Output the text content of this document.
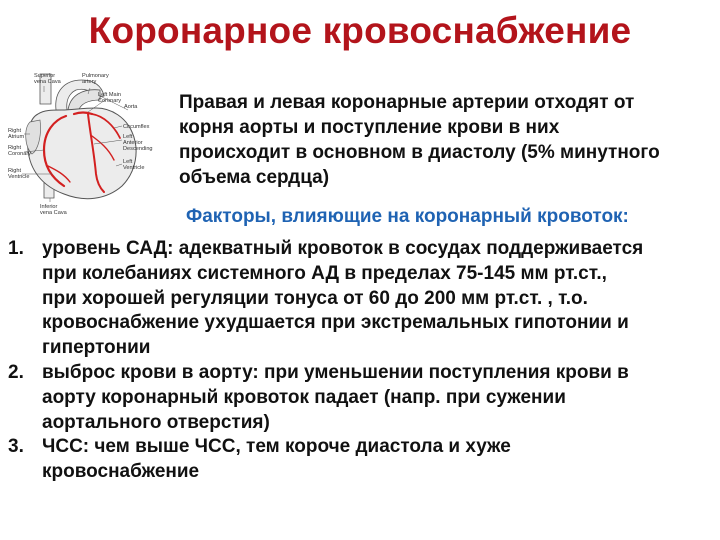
Коронарное кровоснабжение
Superior vena Cava
Pulmonary artery
Left Main Coronary
Aorta
Right Atrium
Right Coronary
Circumflex
Left Anterior Descending
Left Ventricle
Right Ventricle
Inferior vena Cava
Правая и левая коронарные артерии отходят от
корня аорты и поступление крови в них
происходит в основном в диастолу (5% минутного
объема сердца)
Факторы, влияющие на коронарный кровоток:
1. уровень САД: адекватный кровоток в сосудах поддерживается
при колебаниях системного АД в пределах 75-145 мм рт.ст.,
при хорошей регуляции тонуса от 60 до 200 мм рт.ст. , т.о.
кровоснабжение ухудшается при экстремальных гипотонии и
гипертонии
2. выброс крови в аорту: при уменьшении поступления крови в
аорту коронарный кровоток падает (напр. при сужении
аортального отверстия)
3. ЧСС: чем выше ЧСС, тем короче диастола и хуже
кровоснабжение
